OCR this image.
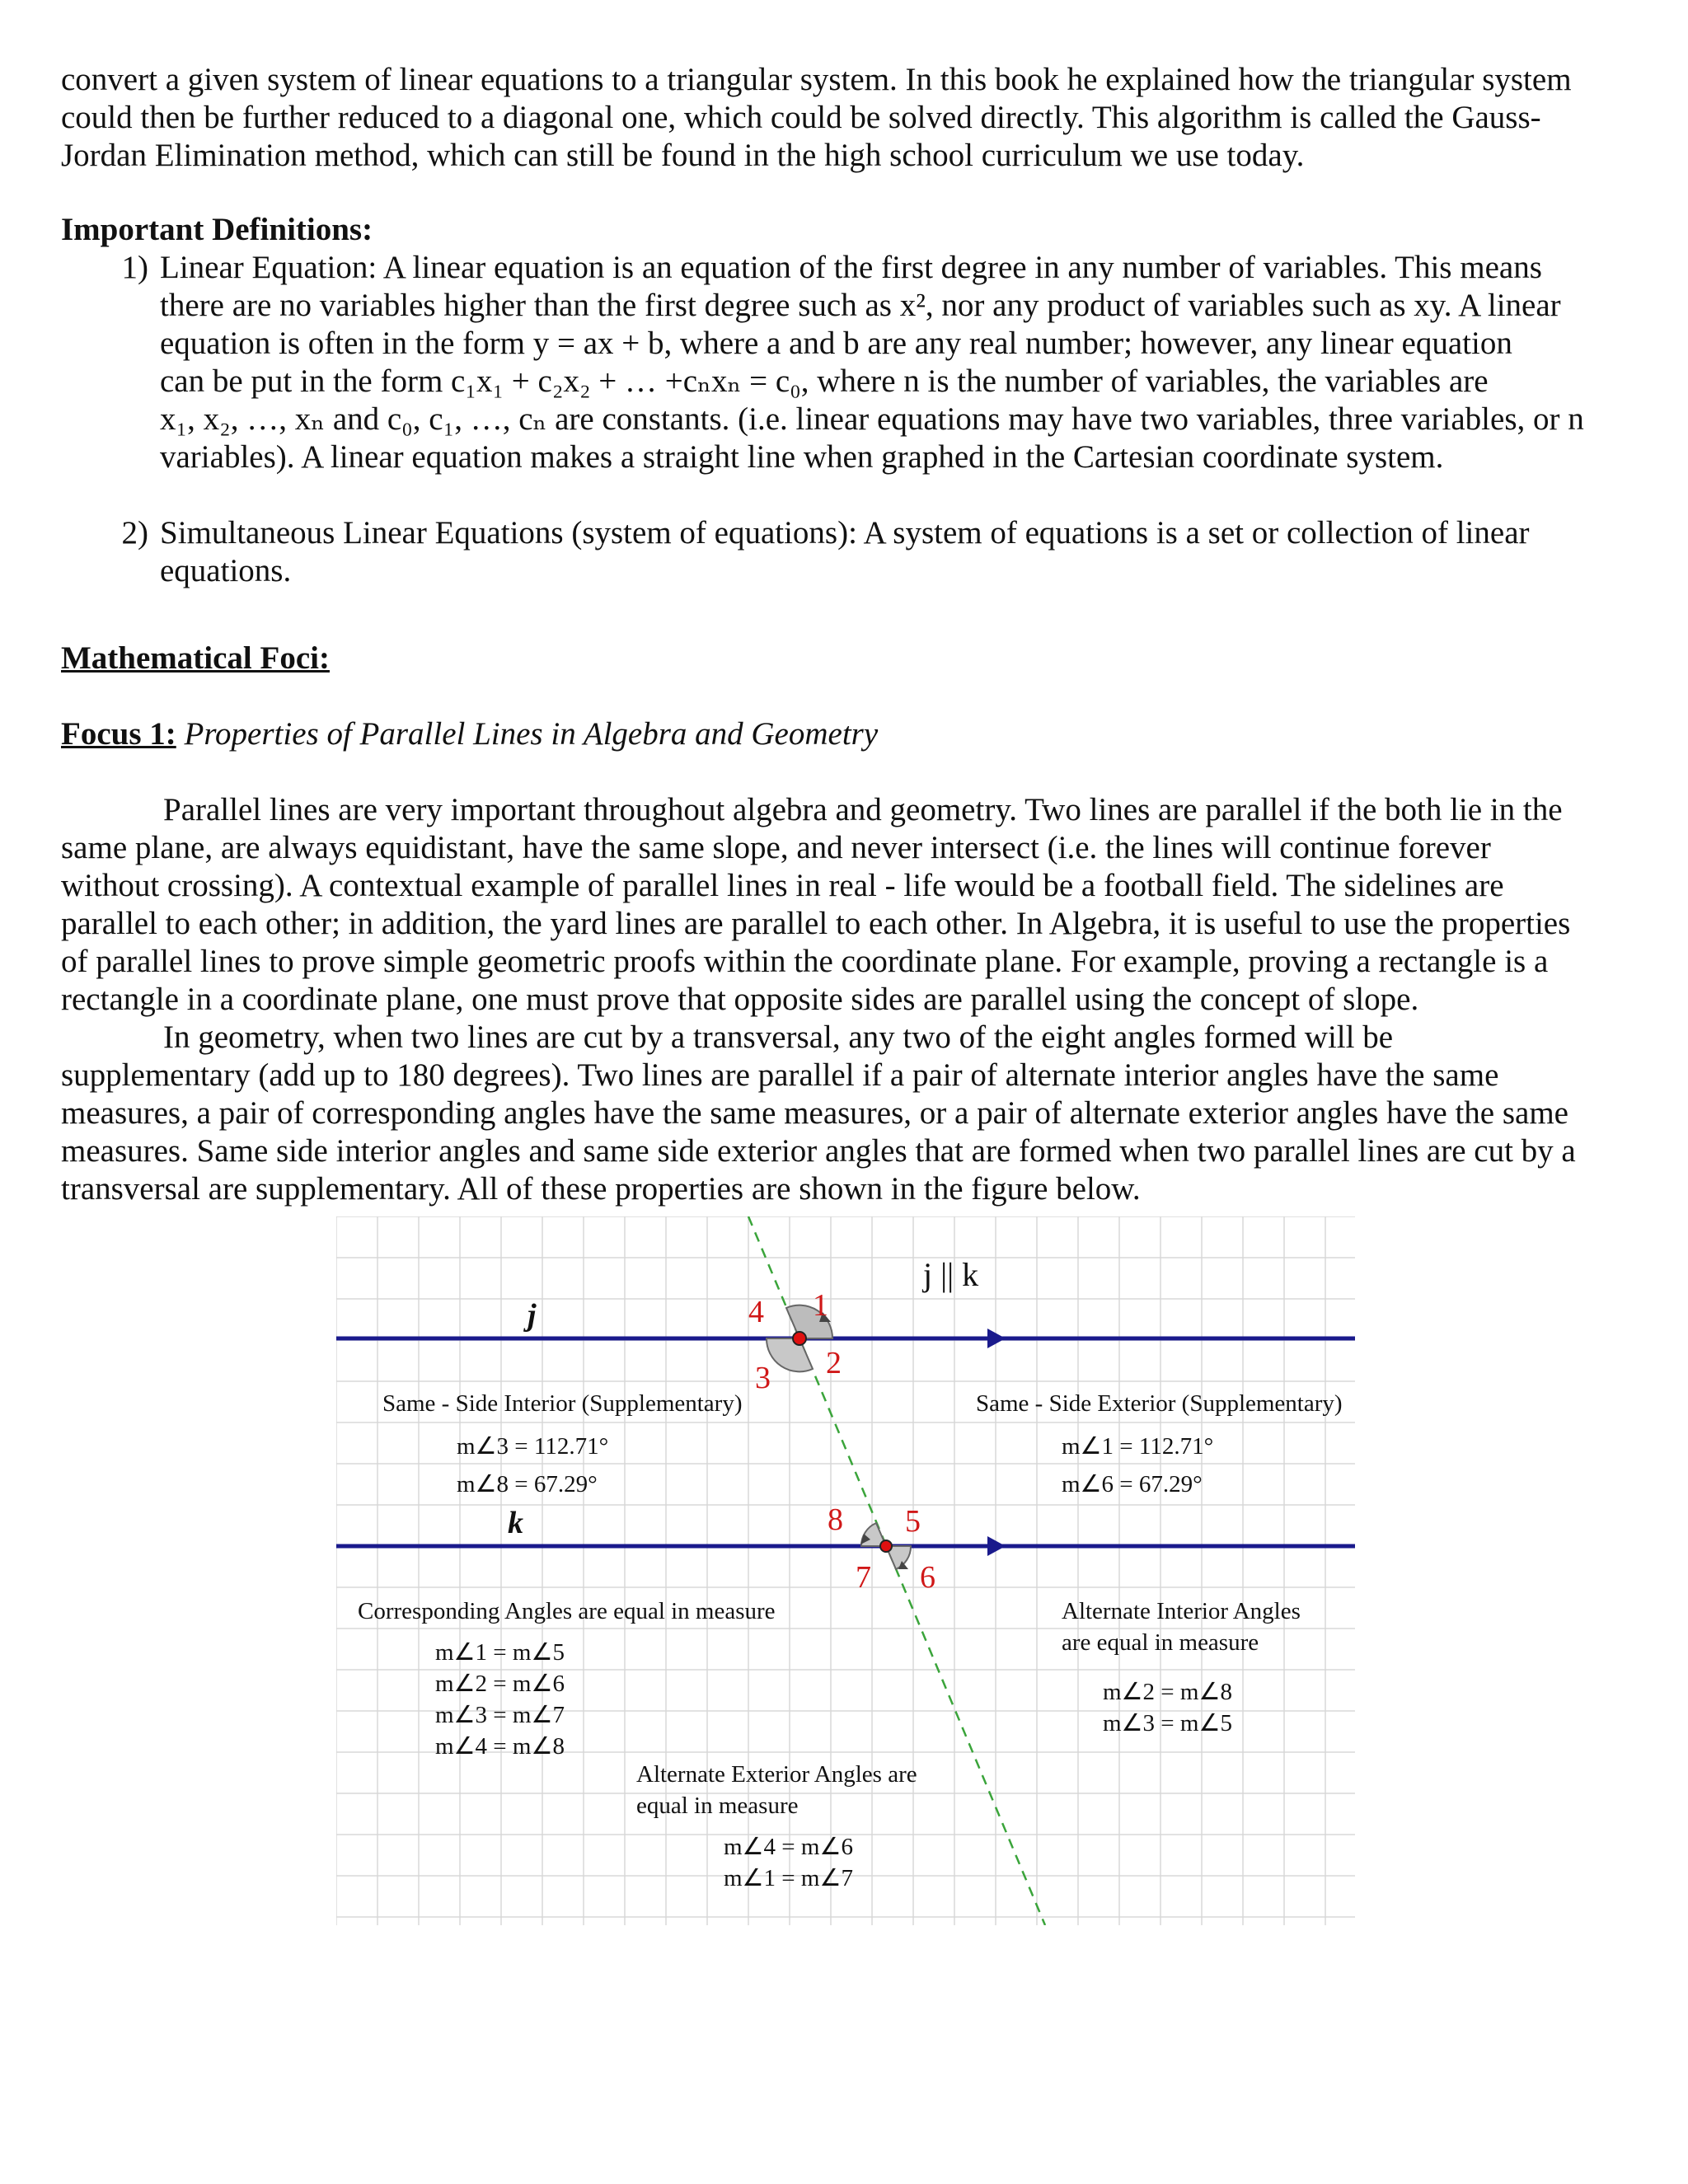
convert a given system of linear equations to a triangular system. In this book he explained how the triangular system

could then be further reduced to a diagonal one, which could be solved directly. This algorithm is called the Gauss-

Jordan Elimination method, which can still be found in the high school curriculum we use today.

Important Definitions:
1) Linear Equation: A linear equation is an equation of the first degree in any number of variables. This means

there are no variables higher than the first degree such as x², nor any product of variables such as xy. A linear

equation is often in the form y = ax + b, where a and b are any real number; however, any linear equation

can be put in the form c₁x₁ + c₂x₂ + … +cₙxₙ = c₀, where n is the number of variables, the variables are

x₁, x₂, …, xₙ and c₀, c₁, …, cₙ are constants. (i.e. linear equations may have two variables, three variables, or n

variables). A linear equation makes a straight line when graphed in the Cartesian coordinate system.

2) Simultaneous Linear Equations (system of equations): A system of equations is a set or collection of linear

equations.

Mathematical Foci:
Focus 1: Properties of Parallel Lines in Algebra and Geometry

Parallel lines are very important throughout algebra and geometry. Two lines are parallel if the both lie in the

same plane, are always equidistant, have the same slope, and never intersect (i.e. the lines will continue forever

without crossing). A contextual example of parallel lines in real - life would be a football field. The sidelines are

parallel to each other; in addition, the yard lines are parallel to each other. In Algebra, it is useful to use the properties

of parallel lines to prove simple geometric proofs within the coordinate plane. For example, proving a rectangle is a

rectangle in a coordinate plane, one must prove that opposite sides are parallel using the concept of slope.

In geometry, when two lines are cut by a transversal, any two of the eight angles formed will be

supplementary (add up to 180 degrees). Two lines are parallel if a pair of alternate interior angles have the same

measures, a pair of corresponding angles have the same measures, or a pair of alternate exterior angles have the same

measures. Same side interior angles and same side exterior angles that are formed when two parallel lines are cut by a

transversal are supplementary. All of these properties are shown in the figure below.

j || k
j
k
1
2
3
4
5
6
7
8
Same - Side Interior (Supplementary)
m∠3 = 112.71°
m∠8 = 67.29°
Same - Side Exterior (Supplementary)
m∠1 = 112.71°
m∠6 = 67.29°
Corresponding Angles are equal in measure
m∠1 = m∠5
m∠2 = m∠6
m∠3 = m∠7
m∠4 = m∠8
Alternate Interior Angles
are equal in measure
m∠2 = m∠8
m∠3 = m∠5
Alternate Exterior Angles are
equal in measure
m∠4 = m∠6
m∠1 = m∠7
